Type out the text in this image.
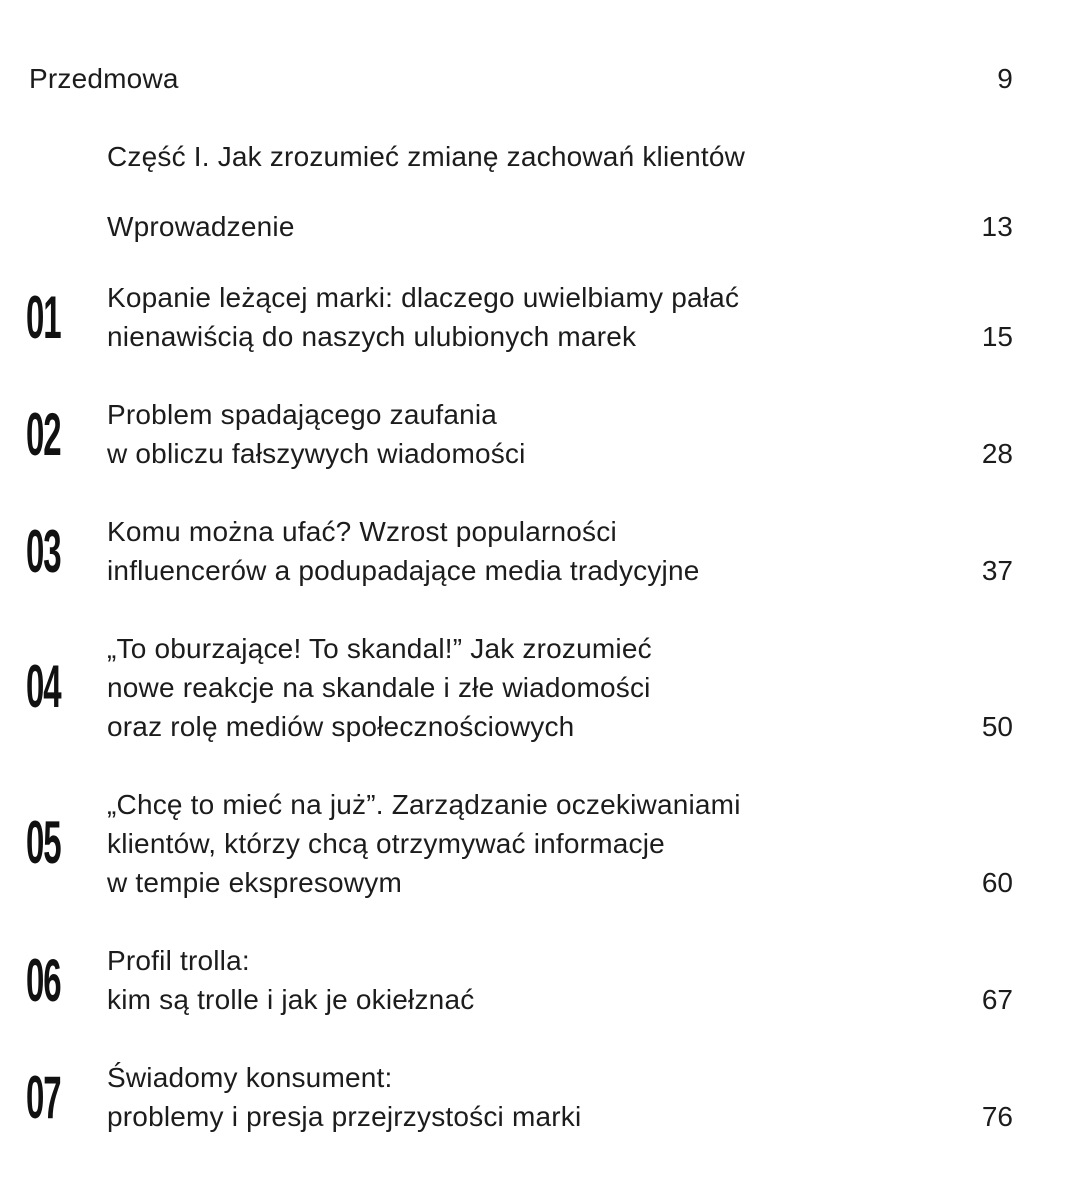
Przedmowa	9
Część I. Jak zrozumieć zmianę zachowań klientów
Wprowadzenie	13
01 Kopanie leżącej marki: dlaczego uwielbiamy pałać
nienawiścią do naszych ulubionych marek	15
02 Problem spadającego zaufania
w obliczu fałszywych wiadomości	28
03 Komu można ufać? Wzrost popularności
influencerów a podupadające media tradycyjne	37
04
„To oburzające! To skandal!” Jak zrozumieć
nowe reakcje na skandale i złe wiadomości
oraz rolę mediów społecznościowych	50
05
„Chcę to mieć na już”. Zarządzanie oczekiwaniami
klientów, którzy chcą otrzymywać informacje
w tempie ekspresowym	60
06 Profil trolla:
kim są trolle i jak je okiełznać	67
07 Świadomy konsument:
problemy i presja przejrzystości marki	76
